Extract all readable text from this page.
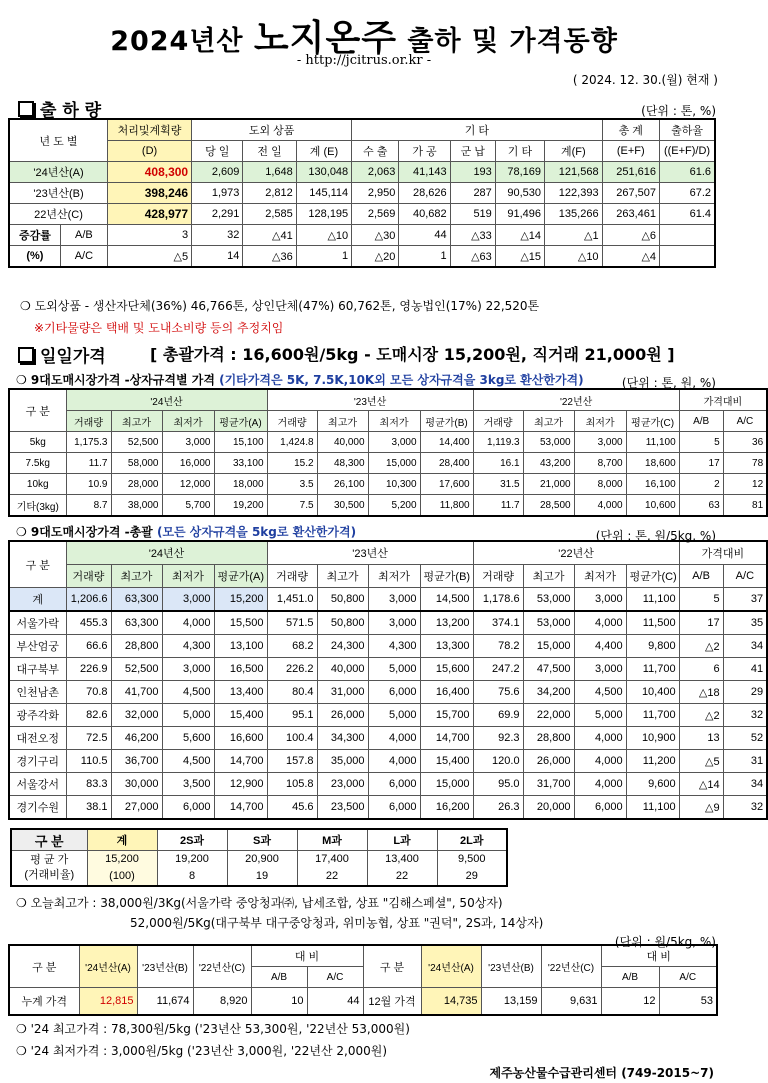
2024년산 노지온주 출하 및 가격동향
- http://jcitrus.or.kr -
( 2024. 12. 30.(월) 현재 )
출 하 량	(단위 : 톤, %)
년 도 별		처리및계획량	도외 상품			기 타					총 계	출하율
		(D)	당 일	전 일	계 (E)	수 출	가 공	군 납	기 타	계(F)	(E+F)	((E+F)/D)
'24년산(A)		408,300	2,609	1,648	130,048	2,063	41,143	193	78,169	121,568	251,616	61.6
'23년산(B)		398,246	1,973	2,812	145,114	2,950	28,626	287	90,530	122,393	267,507	67.2
22년산(C)		428,977	2,291	2,585	128,195	2,569	40,682	519	91,496	135,266	263,461	61.4
증감률	A/B	3	32	△41	△10	△30	44	△33	△14	△1	△6	
(%)	A/C	△5	14	△36	1	△20	1	△63	△15	△10	△4	
❍ 도외상품 - 생산자단체(36%) 46,766톤, 상인단체(47%) 60,762톤, 영농법인(17%) 22,520톤
※기타물량은 택배 및 도내소비량 등의 추정치임
일일가격	[ 총괄가격 : 16,600원/5kg - 도매시장 15,200원, 직거래 21,000원 ]
❍ 9대도매시장가격 -상자규격별 가격 (기타가격은 5K, 7.5K,10K외 모든 상자규격을 3kg로 환산한가격)	(단위 : 톤, 원, %)
구 분	'24년산				'23년산				'22년산				가격대비	
	거래량	최고가	최저가	평균가(A)	거래량	최고가	최저가	평균가(B)	거래량	최고가	최저가	평균가(C)	A/B	A/C
5kg	1,175.3	52,500	3,000	15,100	1,424.8	40,000	3,000	14,400	1,119.3	53,000	3,000	11,100	5	36
7.5kg	11.7	58,000	16,000	33,100	15.2	48,300	15,000	28,400	16.1	43,200	8,700	18,600	17	78
10kg	10.9	28,000	12,000	18,000	3.5	26,100	10,300	17,600	31.5	21,000	8,000	16,100	2	12
기타(3kg)	8.7	38,000	5,700	19,200	7.5	30,500	5,200	11,800	11.7	28,500	4,000	10,600	63	81
❍ 9대도매시장가격 -총괄 (모든 상자규격을 5kg로 환산한가격)	(단위 : 톤, 원/5kg, %)
구 분	'24년산				'23년산				'22년산				가격대비	
	거래량	최고가	최저가	평균가(A)	거래량	최고가	최저가	평균가(B)	거래량	최고가	최저가	평균가(C)	A/B	A/C
계	1,206.6	63,300	3,000	15,200	1,451.0	50,800	3,000	14,500	1,178.6	53,000	3,000	11,100	5	37
서울가락	455.3	63,300	4,000	15,500	571.5	50,800	3,000	13,200	374.1	53,000	4,000	11,500	17	35
부산엄궁	66.6	28,800	4,300	13,100	68.2	24,300	4,300	13,300	78.2	15,000	4,400	9,800	△2	34
대구북부	226.9	52,500	3,000	16,500	226.2	40,000	5,000	15,600	247.2	47,500	3,000	11,700	6	41
인천남촌	70.8	41,700	4,500	13,400	80.4	31,000	6,000	16,400	75.6	34,200	4,500	10,400	△18	29
광주각화	82.6	32,000	5,000	15,400	95.1	26,000	5,000	15,700	69.9	22,000	5,000	11,700	△2	32
대전오정	72.5	46,200	5,600	16,600	100.4	34,300	4,000	14,700	92.3	28,800	4,000	10,900	13	52
경기구리	110.5	36,700	4,500	14,700	157.8	35,000	4,000	15,400	120.0	26,000	4,000	11,200	△5	31
서울강서	83.3	30,000	3,500	12,900	105.8	23,000	6,000	15,000	95.0	31,700	4,000	9,600	△14	34
경기수원	38.1	27,000	6,000	14,700	45.6	23,500	6,000	16,200	26.3	20,000	6,000	11,100	△9	32
구 분	계	2S과	S과	M과	L과	2L과
평 균 가
(거래비율)	15,200	19,200	20,900	17,400	13,400	9,500
	(100)	8	19	22	22	29
❍ 오늘최고가 : 38,000원/3Kg(서울가락 중앙청과㈜, 납세조합, 상표 "김해스페셜", 50상자)
52,000원/5Kg(대구북부 대구중앙청과, 위미농협, 상표 "권덕", 2S과, 14상자)
(단위 : 원/5kg, %)
구 분	'24년산(A)	'23년산(B)	'22년산(C)	대 비		구 분	'24년산(A)	'23년산(B)	'22년산(C)	대 비	
				A/B	A/C					A/B	A/C
누계 가격	12,815	11,674	8,920	10	44	12월 가격	14,735	13,159	9,631	12	53
❍ '24 최고가격 : 78,300원/5kg ('23년산 53,300원, '22년산 53,000원)
❍ '24 최저가격 : 3,000원/5kg ('23년산 3,000원, '22년산 2,000원)
제주농산물수급관리센터 (749-2015~7)
